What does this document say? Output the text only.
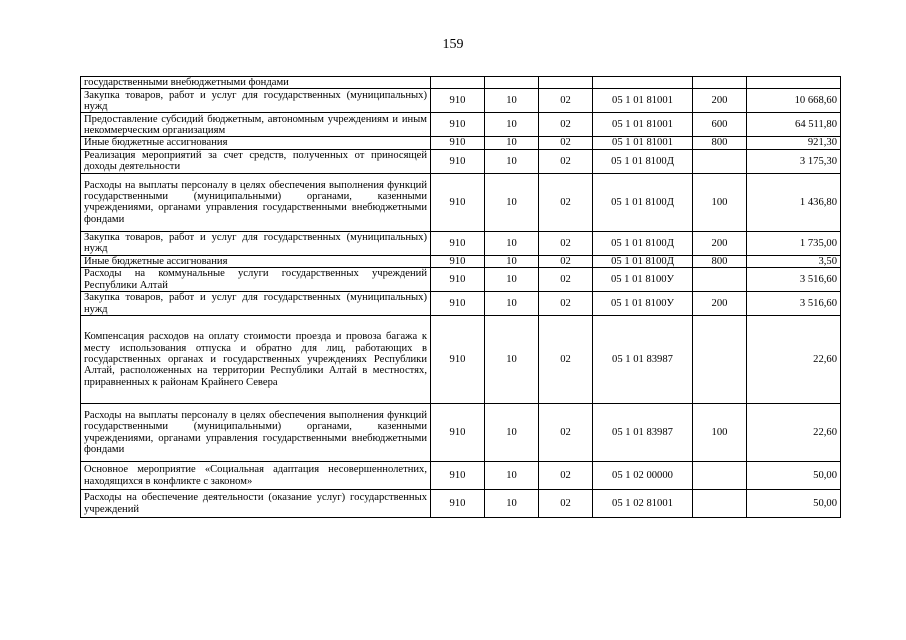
159
государственными внебюджетными фондами						
Закупка товаров, работ и услуг для государственных (муниципальных) нужд	910	10	02	05 1 01 81001	200	10 668,60
Предоставление субсидий бюджетным, автономным учреждениям и иным некоммерческим организациям	910	10	02	05 1 01 81001	600	64 511,80
Иные бюджетные ассигнования	910	10	02	05 1 01 81001	800	921,30
Реализация мероприятий за счет средств, полученных от приносящей доходы деятельности	910	10	02	05 1 01 8100Д		3 175,30
Расходы на выплаты персоналу в целях обеспечения выполнения функций государственными (муниципальными) органами, казенными учреждениями, органами управления государственными внебюджетными фондами	910	10	02	05 1 01 8100Д	100	1 436,80
Закупка товаров, работ и услуг для государственных (муниципальных) нужд	910	10	02	05 1 01 8100Д	200	1 735,00
Иные бюджетные ассигнования	910	10	02	05 1 01 8100Д	800	3,50
Расходы на коммунальные услуги государственных учреждений Республики Алтай	910	10	02	05 1 01 8100У		3 516,60
Закупка товаров, работ и услуг для государственных (муниципальных) нужд	910	10	02	05 1 01 8100У	200	3 516,60
Компенсация расходов на оплату стоимости проезда и провоза багажа к месту использования отпуска и обратно для лиц, работающих в государственных органах и государственных учреждениях Республики Алтай, расположенных на территории Республики Алтай в местностях, приравненных к районам Крайнего Севера	910	10	02	05 1 01 83987		22,60
Расходы на выплаты персоналу в целях обеспечения выполнения функций государственными (муниципальными) органами, казенными учреждениями, органами управления государственными внебюджетными фондами	910	10	02	05 1 01 83987	100	22,60
Основное мероприятие «Социальная адаптация несовершеннолетних, находящихся в конфликте с законом»	910	10	02	05 1 02 00000		50,00
Расходы на обеспечение деятельности (оказание услуг) государственных учреждений	910	10	02	05 1 02 81001		50,00
